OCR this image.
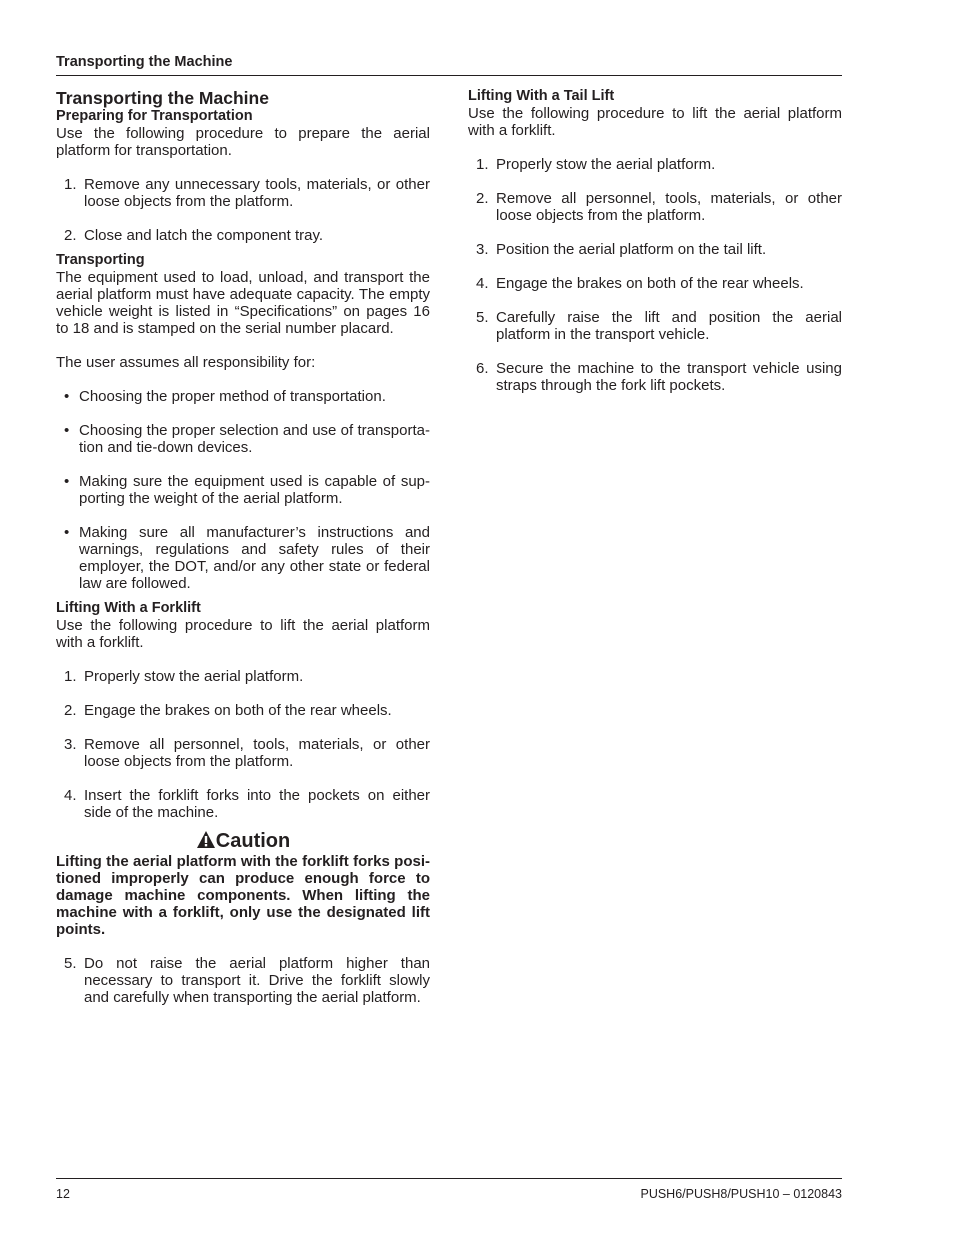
Transporting the Machine
Transporting the Machine
Preparing for Transportation

Use the following procedure to prepare the aerial platform for transportation.

1. Remove any unnecessary tools, materials, or other loose objects from the platform.
2. Close and latch the component tray.
Transporting

The equipment used to load, unload, and transport the aerial platform must have adequate capacity. The empty vehicle weight is listed in “Specifications” on pages 16 to 18 and is stamped on the serial number placard.

The user assumes all responsibility for:

• Choosing the proper method of transportation.
• Choosing the proper selection and use of transportation and tie-down devices.
• Making sure the equipment used is capable of supporting the weight of the aerial platform.
• Making sure all manufacturer’s instructions and warnings, regulations and safety rules of their employer, the DOT, and/or any other state or federal law are followed.
Lifting With a Forklift

Use the following procedure to lift the aerial platform with a forklift.

1. Properly stow the aerial platform.
2. Engage the brakes on both of the rear wheels.
3. Remove all personnel, tools, materials, or other loose objects from the platform.
4. Insert the forklift forks into the pockets on either side of the machine.
Caution

Lifting the aerial platform with the forklift forks positioned improperly can produce enough force to damage machine components. When lifting the machine with a forklift, only use the designated lift points.

5. Do not raise the aerial platform higher than necessary to transport it. Drive the forklift slowly and carefully when transporting the aerial platform.
Lifting With a Tail Lift

Use the following procedure to lift the aerial platform with a forklift.

1. Properly stow the aerial platform.
2. Remove all personnel, tools, materials, or other loose objects from the platform.
3. Position the aerial platform on the tail lift.
4. Engage the brakes on both of the rear wheels.
5. Carefully raise the lift and position the aerial platform in the transport vehicle.
6. Secure the machine to the transport vehicle using straps through the fork lift pockets.
12	PUSH6/PUSH8/PUSH10 – 0120843
